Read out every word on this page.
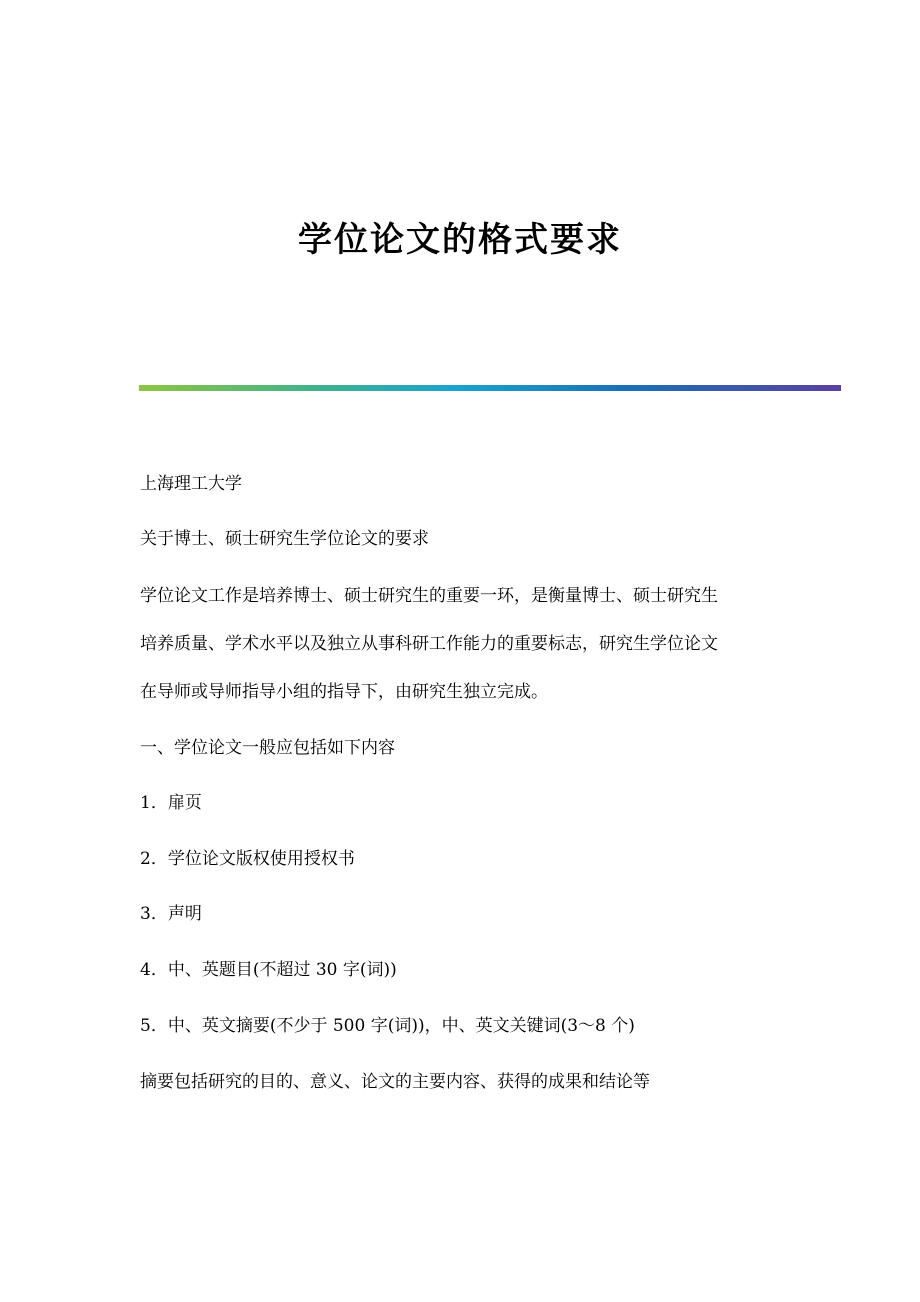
学位论文的格式要求

上海理工大学

关于博士、硕士研究生学位论文的要求

学位论文工作是培养博士、硕士研究生的重要一环，是衡量博士、硕士研究生
培养质量、学术水平以及独立从事科研工作能力的重要标志，研究生学位论文
在导师或导师指导小组的指导下，由研究生独立完成。

一、学位论文一般应包括如下内容

1．扉页

2．学位论文版权使用授权书

3．声明

4．中、英题目(不超过 30 字(词))

5．中、英文摘要(不少于 500 字(词))，中、英文关键词(3～8 个)

摘要包括研究的目的、意义、论文的主要内容、获得的成果和结论等
